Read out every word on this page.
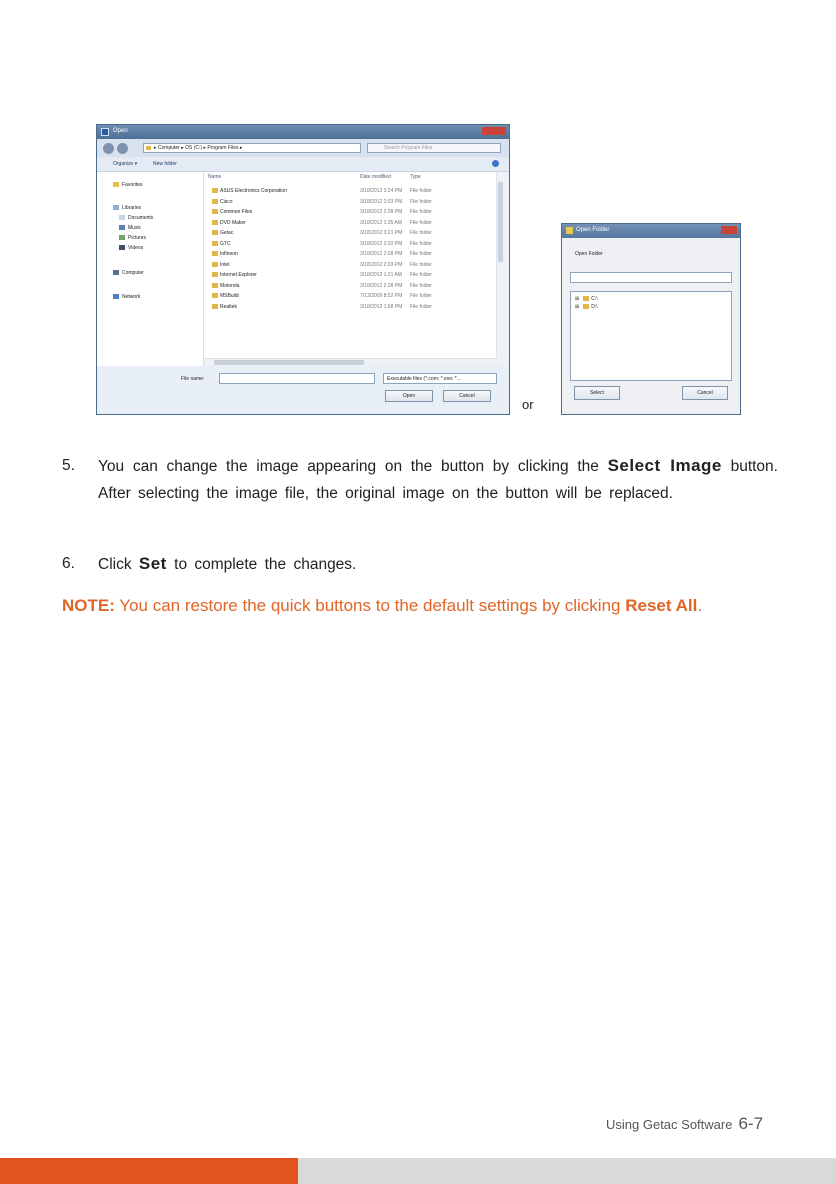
Open
▸ Computer ▸ OS (C:) ▸ Program Files ▸	Search Program Files
Organize ▾	New folder
Favorites
Libraries
Documents
Music
Pictures
Videos
Computer
Network
Name	Date modified	Type
ASUS Electronics Corporation	3/18/2012 3:24 PM File folder
Cisco	3/18/2012 2:03 PM File folder
Common Files	3/18/2012 2:28 PM File folder
DVD Maker	3/18/2012 1:35 AM File folder
Getac	3/18/2012 3:21 PM File folder
GTC	3/18/2012 2:22 PM File folder
Infineon	3/18/2012 2:08 PM File folder
Intel	3/18/2012 2:03 PM File folder
Internet Explorer	3/18/2012 1:21 AM File folder
Motorola	3/18/2012 2:28 PM File folder
MSBuild	7/13/2009 8:52 PM File folder
Realtek	3/18/2012 1:58 PM File folder
File name:	Executable files (*.com; *.exe; *...
Open	Cancel
or
Open Folder
Open Folder
⊞ C:\
⊞ D:\
Select	Cancel
5. You can change the image appearing on the button by clicking the Select Image button. After selecting the image file, the original image on the button will be replaced.
6. Click Set to complete the changes.
NOTE: You can restore the quick buttons to the default settings by clicking Reset All.
Using Getac Software 6-7
